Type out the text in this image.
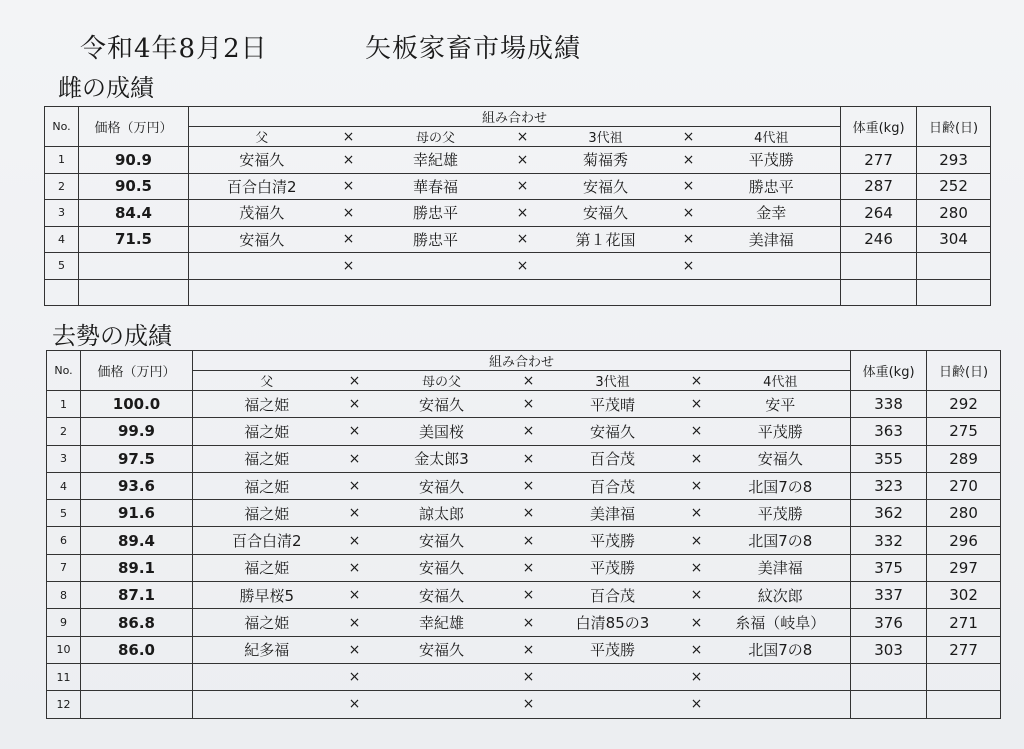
令和4年8月2日	矢板家畜市場成績
雌の成績
No.	価格（万円）	組み合わせ							体重(kg)	日齢(日)
		父	×	母の父	×	3代祖	×	4代祖		
1	90.9	安福久	×	幸紀雄	×	菊福秀	×	平茂勝	277	293
2	90.5	百合白清2	×	華春福	×	安福久	×	勝忠平	287	252
3	84.4	茂福久	×	勝忠平	×	安福久	×	金幸	264	280
4	71.5	安福久	×	勝忠平	×	第１花国	×	美津福	246	304
5			×		×		×			

去勢の成績
No.	価格（万円）	組み合わせ							体重(kg)	日齢(日)
		父	×	母の父	×	3代祖	×	4代祖		
1	100.0	福之姫	×	安福久	×	平茂晴	×	安平	338	292
2	99.9	福之姫	×	美国桜	×	安福久	×	平茂勝	363	275
3	97.5	福之姫	×	金太郎3	×	百合茂	×	安福久	355	289
4	93.6	福之姫	×	安福久	×	百合茂	×	北国7の8	323	270
5	91.6	福之姫	×	諒太郎	×	美津福	×	平茂勝	362	280
6	89.4	百合白清2	×	安福久	×	平茂勝	×	北国7の8	332	296
7	89.1	福之姫	×	安福久	×	平茂勝	×	美津福	375	297
8	87.1	勝早桜5	×	安福久	×	百合茂	×	紋次郎	337	302
9	86.8	福之姫	×	幸紀雄	×	白清85の3	×	糸福（岐阜）	376	271
10	86.0	紀多福	×	安福久	×	平茂勝	×	北国7の8	303	277
11			×		×		×			
12			×		×		×			
